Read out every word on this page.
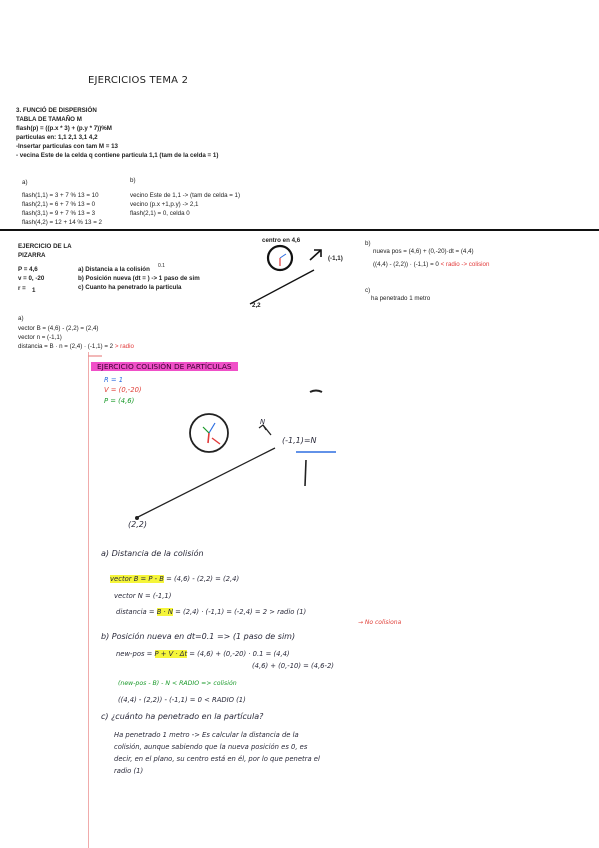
EJERCICIOS TEMA 2
3. FUNCIÓ DE DISPERSIÓN
TABLA DE TAMAÑO M
flash(p) = ((p.x * 3) + (p.y * 7))%M
particulas en: 1,1 2,1 3,1 4,2
-Insertar particulas con tam M = 13
- vecina Este de la celda q contiene particula 1,1 (tam de la celda = 1)
a)
flash(1,1) = 3 + 7 % 13 = 10
flash(2,1) = 6 + 7 % 13 = 0
flash(3,1) = 9 + 7 % 13 = 3
flash(4,2) = 12 + 14 % 13 = 2
b)
vecino Este de 1,1 -> (tam de celda = 1)
vecino (p.x +1,p.y) -> 2,1
flash(2,1) = 0, celda 0
EJERCICIO DE LA
PIZARRA
P = 4,6
v = 0, -20
r = 1
a) Distancia a la colisión
b) Posición nueva (dt = ) -> 1 paso de sim
0.1
c) Cuanto ha penetrado la particula
centro en 4,6
(-1,1)
2,2
b)
nueva pos = (4,6) + (0,-20)·dt = (4,4)
((4,4) - (2,2)) · (-1,1) = 0 < radio -> colision
c)
ha penetrado 1 metro
a)
vector B = (4,6) - (2,2) = (2,4)
vector n = (-1,1)
distancia = B · n = (2,4) · (-1,1) = 2 > radio
EJERCICIO COLISIÓN DE PARTÍCULAS
R = 1
V = (0,-20)
P = (4,6)
N
(-1,1)=N
(2,2)
a) Distancia de la colisión
vector B = P - B = (4,6) - (2,2) = (2,4)
vector N = (-1,1)
distancia = B · N = (2,4) · (-1,1) = (-2,4) = 2 > radio (1)
→ No colisiona
b) Posición nueva en dt=0.1 => (1 paso de sim)
new-pos = P + V · Δt = (4,6) + (0,-20) · 0.1 = (4,4)
(4,6) + (0,-10) = (4,6-2)
(new-pos - B) - N < RADIO => colisión
((4,4) - (2,2)) - (-1,1) = 0 < RADIO (1)
c) ¿cuánto ha penetrado en la partícula?
Ha penetrado 1 metro -> Es calcular la distancia de la
colisión, aunque sabiendo que la nueva posición es 0, es
decir, en el plano, su centro está en él, por lo que penetra el
radio (1)
